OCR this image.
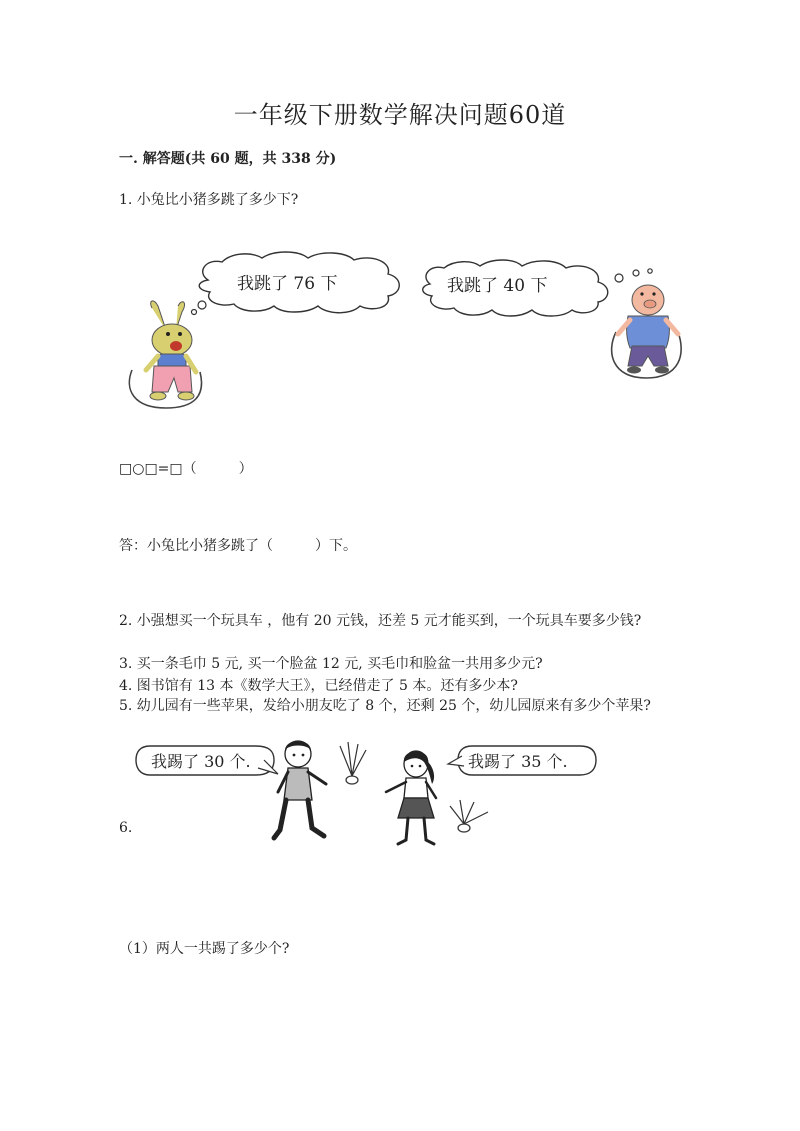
一年级下册数学解决问题60道
一. 解答题(共 60 题，共 338 分)
1. 小兔比小猪多跳了多少下?
我跳了 76 下	我跳了 40 下
□○□=□（　　　）
答：小兔比小猪多跳了（　　　）下。
2. 小强想买一个玩具车 ，他有 20 元钱，还差 5 元才能买到，一个玩具车要多少钱?
3. 买一条毛巾 5 元, 买一个脸盆 12 元, 买毛巾和脸盆一共用多少元?
4. 图书馆有 13 本《数学大王》，已经借走了 5 本。还有多少本?
5. 幼儿园有一些苹果，发给小朋友吃了 8 个，还剩 25 个，幼儿园原来有多少个苹果?
我踢了 30 个.	我踢了 35 个.
6.
（1）两人一共踢了多少个?
